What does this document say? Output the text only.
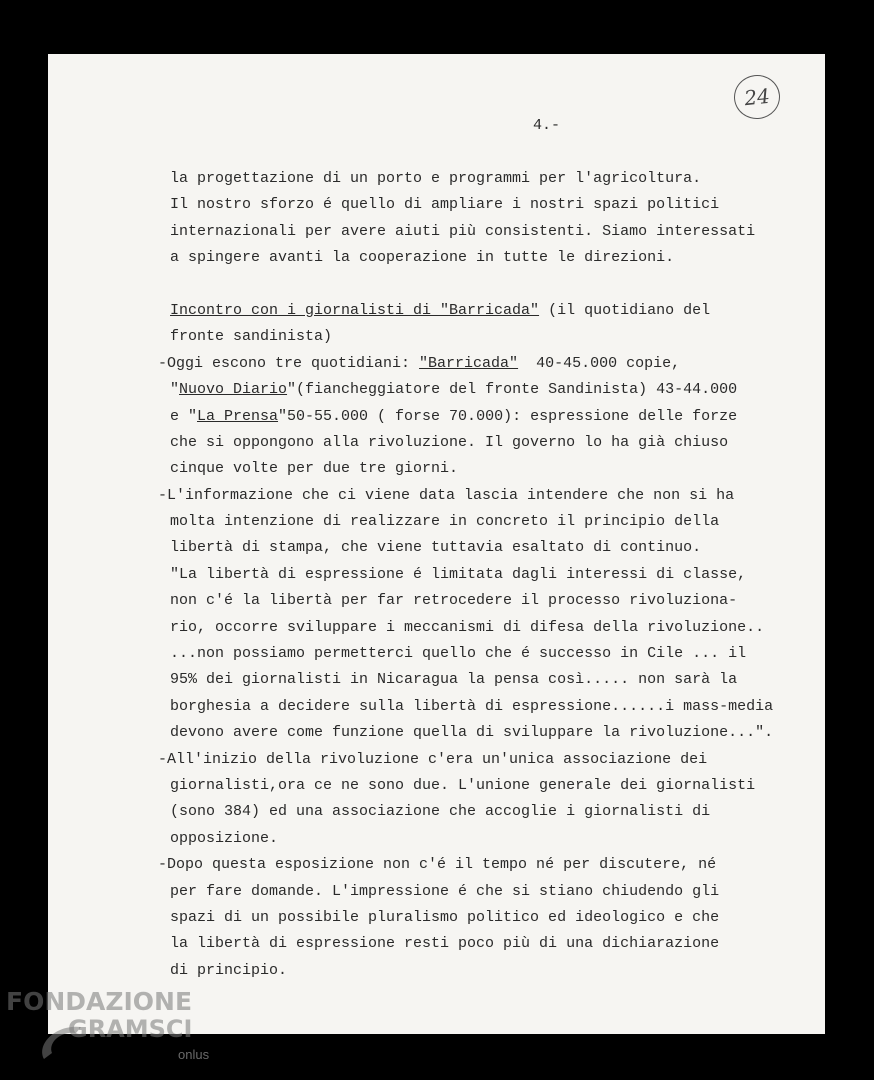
24
4.-
la progettazione di un porto e programmi per l'agricoltura.
Il nostro sforzo é quello di ampliare i nostri spazi politici
internazionali per avere aiuti più consistenti. Siamo interessati
a spingere avanti la cooperazione in tutte le direzioni.
Incontro con i giornalisti di "Barricada" (il quotidiano del
fronte sandinista)
-Oggi escono tre quotidiani: "Barricada"  40-45.000 copie,
"Nuovo Diario"(fiancheggiatore del fronte Sandinista) 43-44.000
e "La Prensa"50-55.000 ( forse 70.000): espressione delle forze
che si oppongono alla rivoluzione. Il governo lo ha già chiuso
cinque volte per due tre giorni.
-L'informazione che ci viene data lascia intendere che non si ha
molta intenzione di realizzare in concreto il principio della
libertà di stampa, che viene tuttavia esaltato di continuo.
"La libertà di espressione é limitata dagli interessi di classe,
non c'é la libertà per far retrocedere il processo rivoluziona-
rio, occorre sviluppare i meccanismi di difesa della rivoluzione..
...non possiamo permetterci quello che é successo in Cile ... il
95% dei giornalisti in Nicaragua la pensa così..... non sarà la
borghesia a decidere sulla libertà di espressione......i mass-media
devono avere come funzione quella di sviluppare la rivoluzione...".
-All'inizio della rivoluzione c'era un'unica associazione dei
giornalisti,ora ce ne sono due. L'unione generale dei giornalisti
(sono 384) ed una associazione che accoglie i giornalisti di
opposizione.
-Dopo questa esposizione non c'é il tempo né per discutere, né
per fare domande. L'impressione é che si stiano chiudendo gli
spazi di un possibile pluralismo politico ed ideologico e che
la libertà di espressione resti poco più di una dichiarazione
di principio.
FONDAZIONE
GRAMSCI
onlus
